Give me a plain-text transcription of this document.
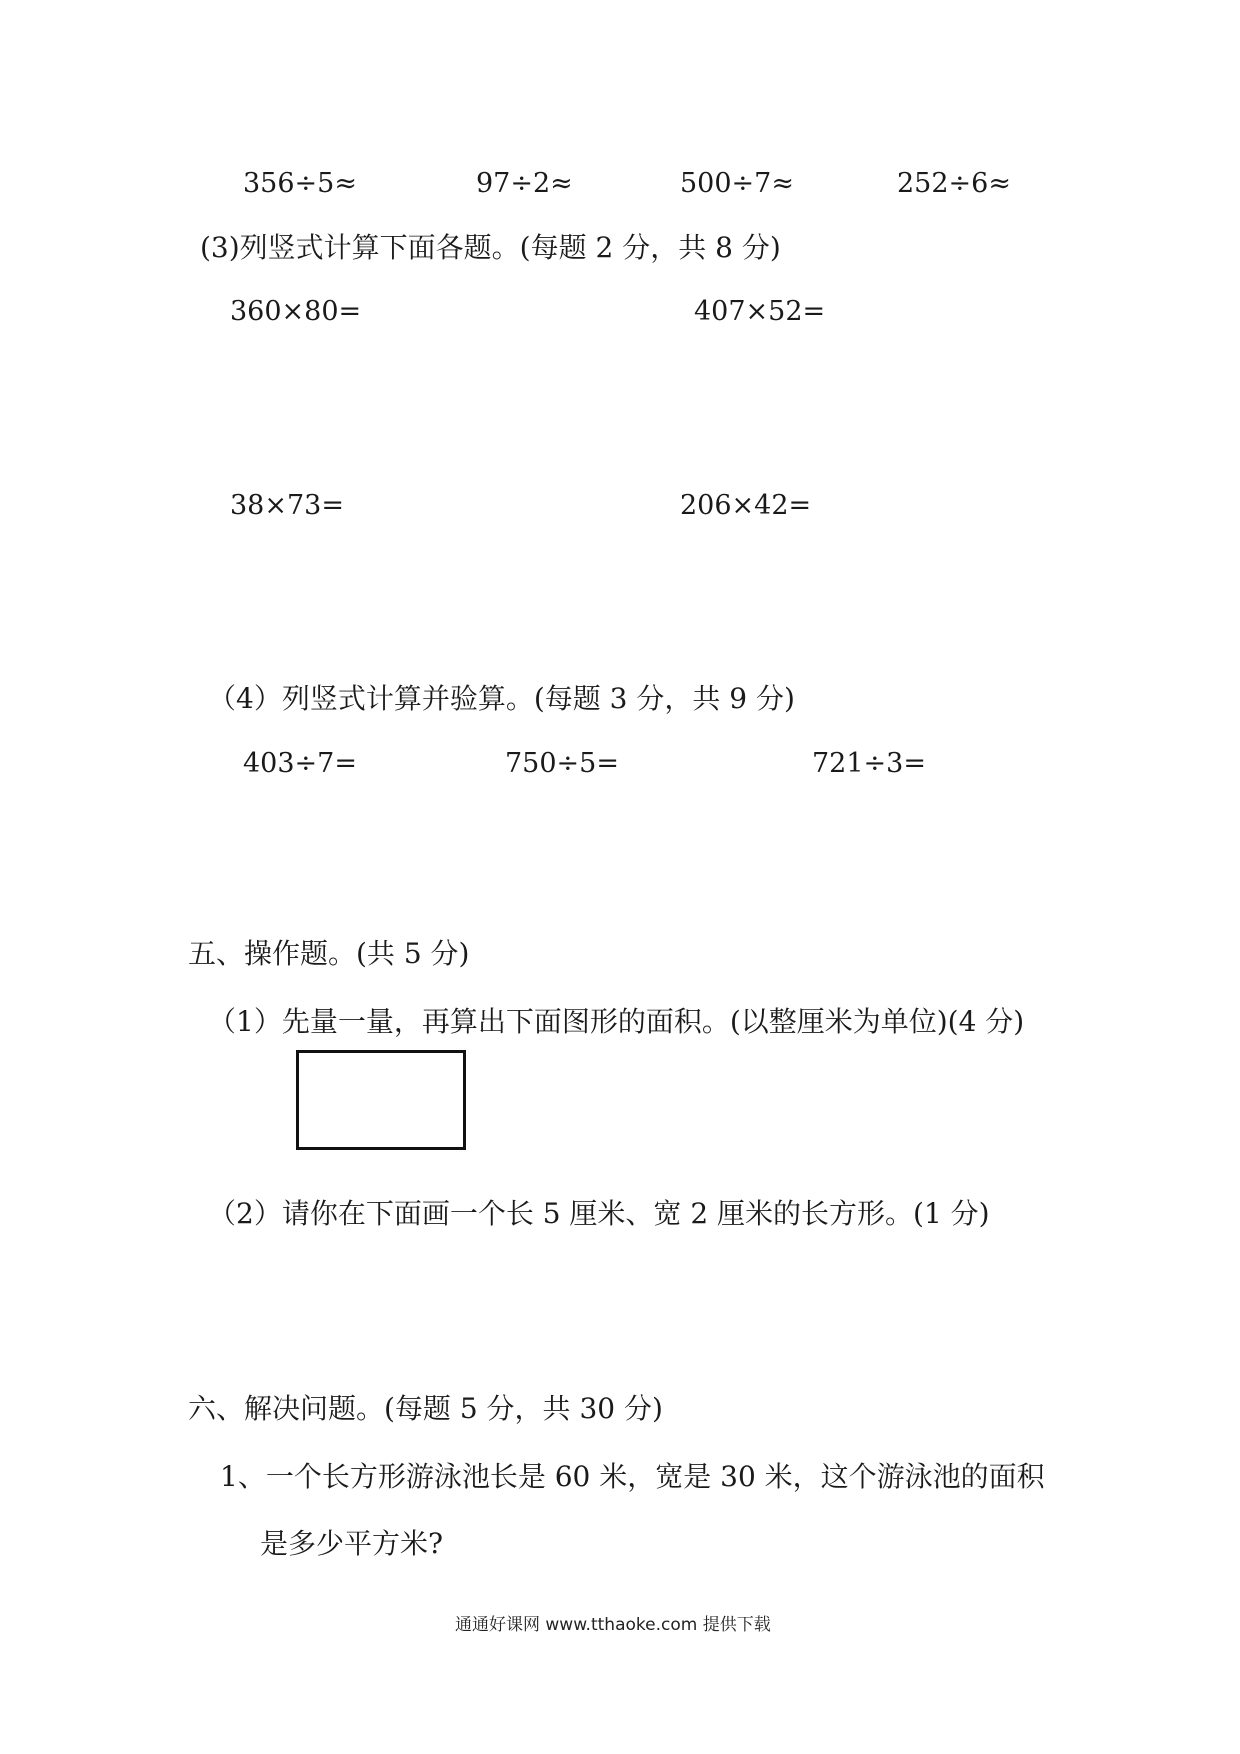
356÷5≈	97÷2≈	500÷7≈	252÷6≈
(3)列竖式计算下面各题。(每题 2 分，共 8 分)
360×80=	407×52=
38×73=	206×42=
（4）列竖式计算并验算。(每题 3 分，共 9 分)
403÷7=	750÷5=	721÷3=
五、操作题。(共 5 分)
（1）先量一量，再算出下面图形的面积。(以整厘米为单位)(4 分)
（2）请你在下面画一个长 5 厘米、宽 2 厘米的长方形。(1 分)
六、解决问题。(每题 5 分，共 30 分)
1、一个长方形游泳池长是 60 米，宽是 30 米，这个游泳池的面积
是多少平方米?
通通好课网 www.tthaoke.com 提供下载
